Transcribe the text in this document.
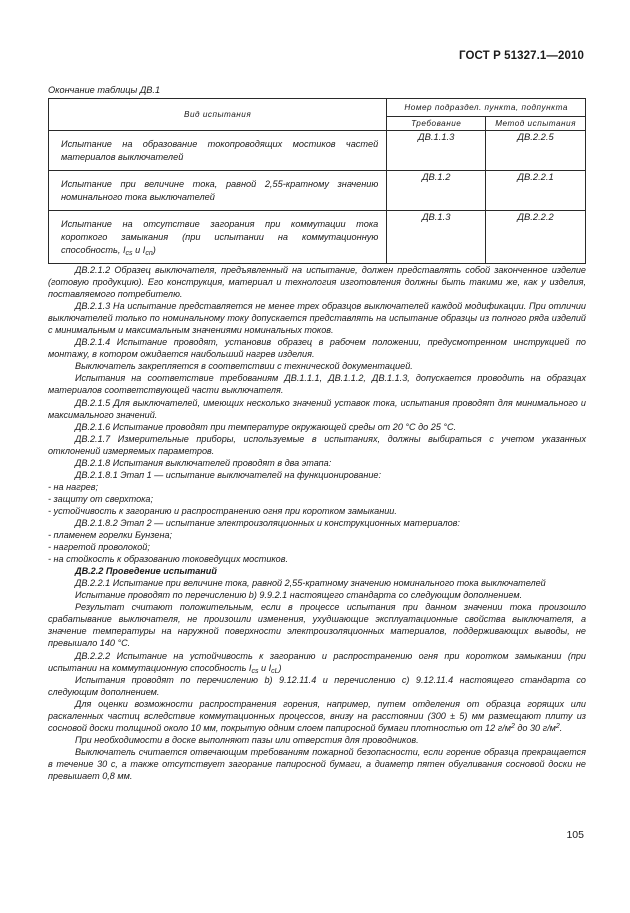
ГОСТ Р 51327.1—2010
Окончание таблицы ДВ.1
Вид испытания	Номер подраздел. пункта, подпункта	
	Требование	Метод испытания

Испытание на образование токопроводящих мостиков частей материалов выключателей	ДВ.1.1.3	ДВ.2.2.5

Испытание при величине тока, равной 2,55-кратному значению номинального тока выключателей	ДВ.1.2	ДВ.2.2.1

Испытание на отсутствие загорания при коммутации тока короткого замыкания (при испытании на коммутационную способность, $I_{cs}$ и $I_{cn}$)	ДВ.1.3	ДВ.2.2.2

ДВ.2.1.2 Образец выключателя, предъявленный на испытание, должен представлять собой законченное изделие (готовую продукцию). Его конструкция, материал и технология изготовления должны быть такими же, как у изделия, поставляемого потребителю.

ДВ.2.1.3 На испытание представляется не менее трех образцов выключателей каждой модификации. При отличии выключателей только по номинальному току допускается представлять на испытание образцы из полного ряда изделий с минимальным и максимальным значениями номинальных токов.

ДВ.2.1.4 Испытание проводят, установив образец в рабочем положении, предусмотренном инструкцией по монтажу, в котором ожидается наибольший нагрев изделия.

Выключатель закрепляется в соответствии с технической документацией.

Испытания на соответствие требованиям ДВ.1.1.1, ДВ.1.1.2, ДВ.1.1.3, допускается проводить на образцах материалов соответствующей части выключателя.

ДВ.2.1.5 Для выключателей, имеющих несколько значений уставок тока, испытания проводят для минимального и максимального значений.

ДВ.2.1.6 Испытание проводят при температуре окружающей среды от 20 °С до 25 °С.

ДВ.2.1.7 Измерительные приборы, используемые в испытаниях, должны выбираться с учетом указанных отклонений измеряемых параметров.

ДВ.2.1.8 Испытания выключателей проводят в два этапа:

ДВ.2.1.8.1 Этап 1 — испытание выключателей на функционирование:

- на нагрев;

- защиту от сверхтока;

- устойчивость к загоранию и распространению огня при коротком замыкании.

ДВ.2.1.8.2 Этап 2 — испытание электроизоляционных и конструкционных материалов:

- пламенем горелки Бунзена;

- нагретой проволокой;

- на стойкость к образованию токоведущих мостиков.

ДВ.2.2 Проведение испытаний

ДВ.2.2.1 Испытание при величине тока, равной 2,55-кратному значению номинального тока выключателей

Испытание проводят по перечислению b) 9.9.2.1 настоящего стандарта со следующим дополнением.

Результат считают положительным, если в процессе испытания при данном значении тока произошло срабатывание выключателя, не произошли изменения, ухудшающие эксплуатационные свойства выключателя, а значение температуры на наружной поверхности электроизоляционных материалов, поддерживающих выводы, не превышало 140 °С.

ДВ.2.2.2 Испытание на устойчивость к загоранию и распространению огня при коротком замыкании (при испытании на коммутационную способность $I_{cs}$ и $I_{cL}$)

Испытания проводят по перечислению b) 9.12.11.4 и перечислению с) 9.12.11.4 настоящего стандарта со следующим дополнением.

Для оценки возможности распространения горения, например, путем отделения от образца горящих или раскаленных частиц вследствие коммутационных процессов, внизу на расстоянии (300 ± 5) мм размещают плиту из сосновой доски толщиной около 10 мм, покрытую одним слоем папиросной бумаги плотностью от 12 $г/м^2$ до 30 $г/м^2$.

При необходимости в доске выполняют пазы или отверстия для проводников.

Выключатель считается отвечающим требованиям пожарной безопасности, если горение образца прекращается в течение 30 с, а также отсутствует загорание папиросной бумаги, а диаметр пятен обугливания сосновой доски не превышает 0,8 мм.

105
